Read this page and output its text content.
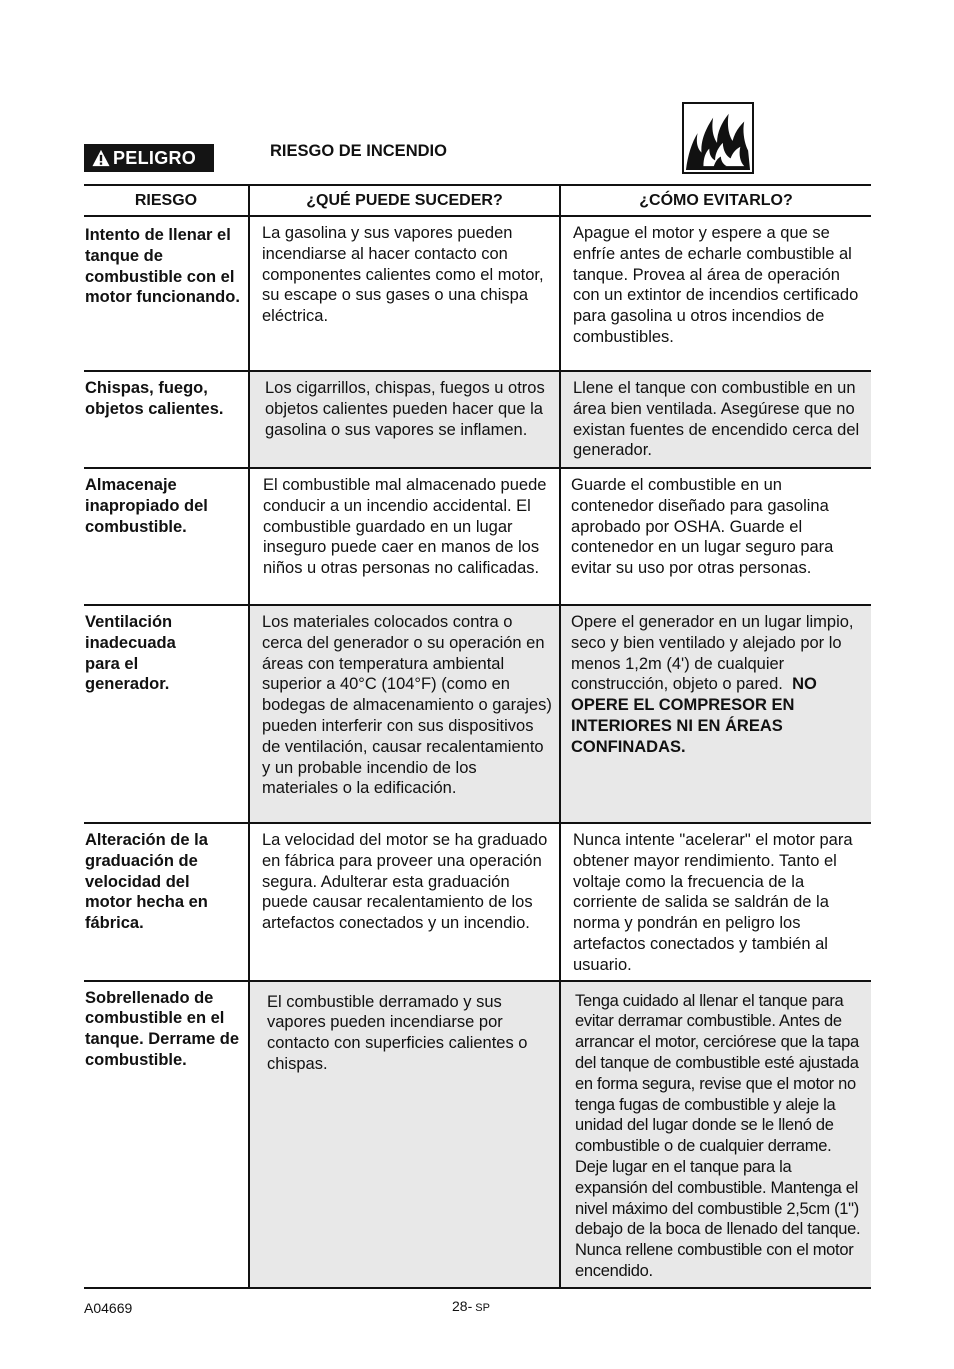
PELIGRO	RIESGO DE INCENDIO
RIESGO	¿QUÉ PUEDE SUCEDER?	¿CÓMO EVITARLO?
Intento de llenar el tanque de combustible con el motor funcionando.	La gasolina y sus vapores pueden incendiarse al hacer contacto con componentes calientes como el motor, su escape o sus gases o una chispa eléctrica.	Apague el motor y espere a que se enfríe antes de echarle combustible al tanque. Provea al área de operación con un extintor de incendios certificado para gasolina u otros incendios de combustibles.
Chispas, fuego, objetos calientes.	Los cigarrillos, chispas, fuegos u otros objetos calientes pueden hacer que la gasolina o sus vapores se inflamen.	Llene el tanque con combustible en un área bien ventilada. Asegúrese que no existan fuentes de encendido cerca del generador.
Almacenaje inapropiado del combustible.	El combustible mal almacenado puede conducir a un incendio accidental. El combustible guardado en un lugar inseguro puede caer en manos de los niños u otras personas no calificadas.	Guarde el combustible en un contenedor diseñado para gasolina aprobado por OSHA. Guarde el contenedor en un lugar seguro para evitar su uso por otras personas.
Ventilación inadecuada para el generador.	Los materiales colocados contra o cerca del generador o su operación en áreas con temperatura ambiental superior a 40°C (104°F) (como en bodegas de almacenamiento o garajes) pueden interferir con sus dispositivos de ventilación, causar recalentamiento y un probable incendio de los materiales o la edificación.	Opere el generador en un lugar limpio, seco y bien ventilado y alejado por lo menos 1,2m (4') de cualquier construcción, objeto o pared. NO OPERE EL COMPRESOR EN INTERIORES NI EN ÁREAS CONFINADAS.
Alteración de la graduación de velocidad del motor hecha en fábrica.	La velocidad del motor se ha graduado en fábrica para proveer una operación segura. Adulterar esta graduación puede causar recalentamiento de los artefactos conectados y un incendio.	Nunca intente "acelerar" el motor para obtener mayor rendimiento. Tanto el voltaje como la frecuencia de la corriente de salida se saldrán de la norma y pondrán en peligro los artefactos conectados y también al usuario.
Sobrellenado de combustible en el tanque. Derrame de combustible.	El combustible derramado y sus vapores pueden incendiarse por contacto con superficies calientes o chispas.	Tenga cuidado al llenar el tanque para evitar derramar combustible. Antes de arrancar el motor, cerciórese que la tapa del tanque de combustible esté ajustada en forma segura, revise que el motor no tenga fugas de combustible y aleje la unidad del lugar donde se le llenó de combustible o de cualquier derrame. Deje lugar en el tanque para la expansión del combustible. Mantenga el nivel máximo del combustible 2,5cm (1") debajo de la boca de llenado del tanque. Nunca rellene combustible con el motor encendido.
A04669	28- SP
